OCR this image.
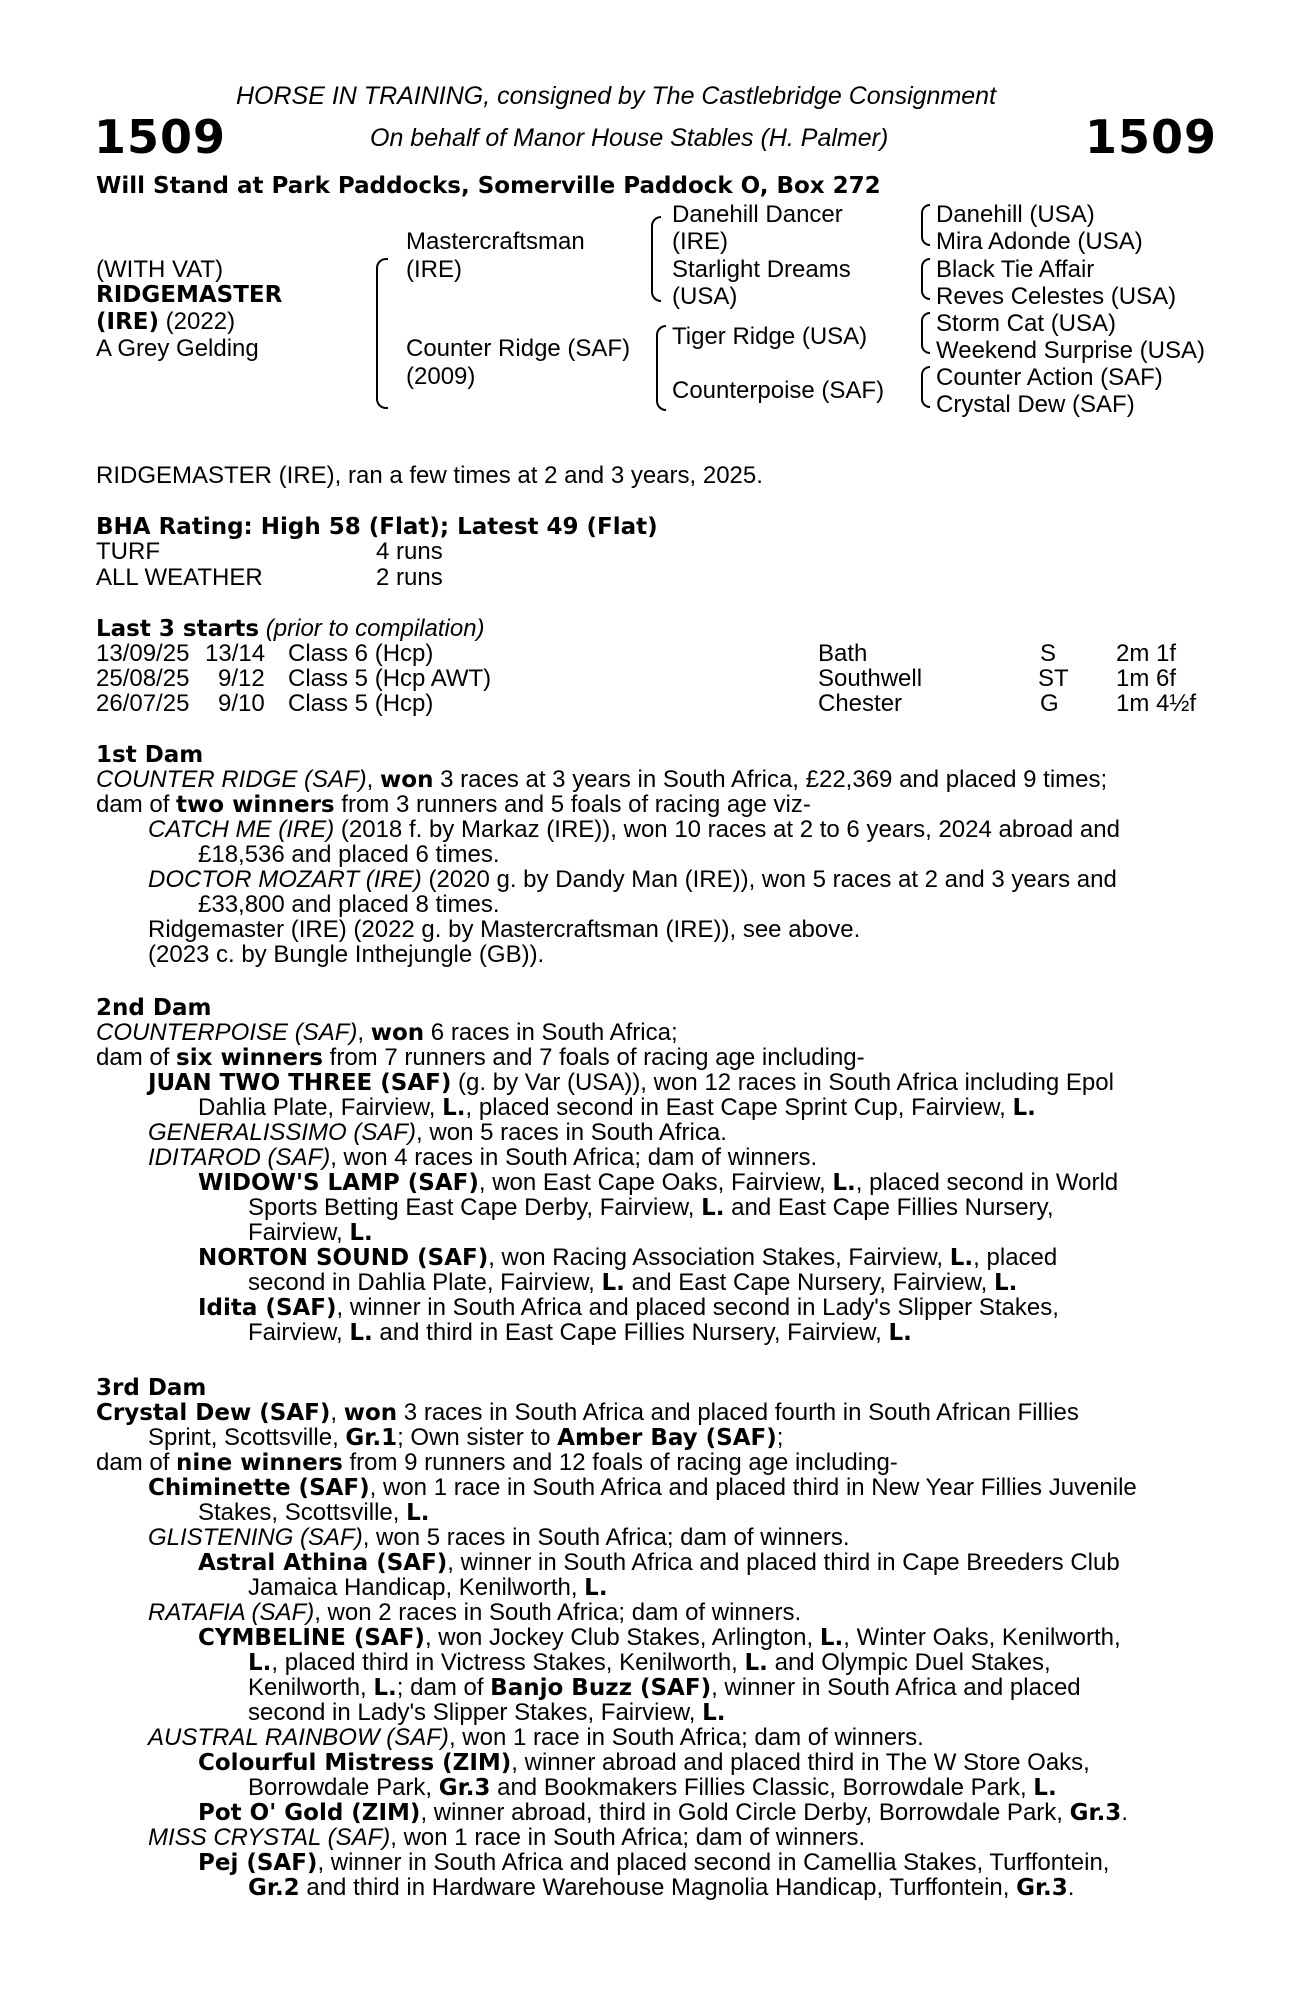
HORSE IN TRAINING, consigned by The Castlebridge Consignment
On behalf of Manor House Stables (H. Palmer)
1509	1509
Will Stand at Park Paddocks, Somerville Paddock O, Box 272
(WITH VAT)
RIDGEMASTER
(IRE) (2022)
A Grey Gelding
Mastercraftsman
(IRE)
Counter Ridge (SAF)
(2009)
Danehill Dancer
(IRE)
Starlight Dreams
(USA)
Tiger Ridge (USA)
Counterpoise (SAF)
Danehill (USA)
Mira Adonde (USA)
Black Tie Affair
Reves Celestes (USA)
Storm Cat (USA)
Weekend Surprise (USA)
Counter Action (SAF)
Crystal Dew (SAF)
RIDGEMASTER (IRE), ran a few times at 2 and 3 years, 2025.
BHA Rating: High 58 (Flat); Latest 49 (Flat)
TURF	4 runs
ALL WEATHER	2 runs
Last 3 starts (prior to compilation)
13/09/25 13/14 Class 6 (Hcp)	Bath	S 2m 1f
25/08/25 9/12 Class 5 (Hcp AWT)	Southwell	ST 1m 6f
26/07/25 9/10 Class 5 (Hcp)	Chester	G 1m 4½f
1st Dam
COUNTER RIDGE (SAF), won 3 races at 3 years in South Africa, £22,369 and placed 9 times;
dam of two winners from 3 runners and 5 foals of racing age viz-
CATCH ME (IRE) (2018 f. by Markaz (IRE)), won 10 races at 2 to 6 years, 2024 abroad and
£18,536 and placed 6 times.
DOCTOR MOZART (IRE) (2020 g. by Dandy Man (IRE)), won 5 races at 2 and 3 years and
£33,800 and placed 8 times.
Ridgemaster (IRE) (2022 g. by Mastercraftsman (IRE)), see above.
(2023 c. by Bungle Inthejungle (GB)).
2nd Dam
COUNTERPOISE (SAF), won 6 races in South Africa;
dam of six winners from 7 runners and 7 foals of racing age including-
JUAN TWO THREE (SAF) (g. by Var (USA)), won 12 races in South Africa including Epol
Dahlia Plate, Fairview, L., placed second in East Cape Sprint Cup, Fairview, L.
GENERALISSIMO (SAF), won 5 races in South Africa.
IDITAROD (SAF), won 4 races in South Africa; dam of winners.
WIDOW'S LAMP (SAF), won East Cape Oaks, Fairview, L., placed second in World
Sports Betting East Cape Derby, Fairview, L. and East Cape Fillies Nursery,
Fairview, L.
NORTON SOUND (SAF), won Racing Association Stakes, Fairview, L., placed
second in Dahlia Plate, Fairview, L. and East Cape Nursery, Fairview, L.
Idita (SAF), winner in South Africa and placed second in Lady's Slipper Stakes,
Fairview, L. and third in East Cape Fillies Nursery, Fairview, L.
3rd Dam
Crystal Dew (SAF), won 3 races in South Africa and placed fourth in South African Fillies
Sprint, Scottsville, Gr.1; Own sister to Amber Bay (SAF);
dam of nine winners from 9 runners and 12 foals of racing age including-
Chiminette (SAF), won 1 race in South Africa and placed third in New Year Fillies Juvenile
Stakes, Scottsville, L.
GLISTENING (SAF), won 5 races in South Africa; dam of winners.
Astral Athina (SAF), winner in South Africa and placed third in Cape Breeders Club
Jamaica Handicap, Kenilworth, L.
RATAFIA (SAF), won 2 races in South Africa; dam of winners.
CYMBELINE (SAF), won Jockey Club Stakes, Arlington, L., Winter Oaks, Kenilworth,
L., placed third in Victress Stakes, Kenilworth, L. and Olympic Duel Stakes,
Kenilworth, L.; dam of Banjo Buzz (SAF), winner in South Africa and placed
second in Lady's Slipper Stakes, Fairview, L.
AUSTRAL RAINBOW (SAF), won 1 race in South Africa; dam of winners.
Colourful Mistress (ZIM), winner abroad and placed third in The W Store Oaks,
Borrowdale Park, Gr.3 and Bookmakers Fillies Classic, Borrowdale Park, L.
Pot O' Gold (ZIM), winner abroad, third in Gold Circle Derby, Borrowdale Park, Gr.3.
MISS CRYSTAL (SAF), won 1 race in South Africa; dam of winners.
Pej (SAF), winner in South Africa and placed second in Camellia Stakes, Turffontein,
Gr.2 and third in Hardware Warehouse Magnolia Handicap, Turffontein, Gr.3.
